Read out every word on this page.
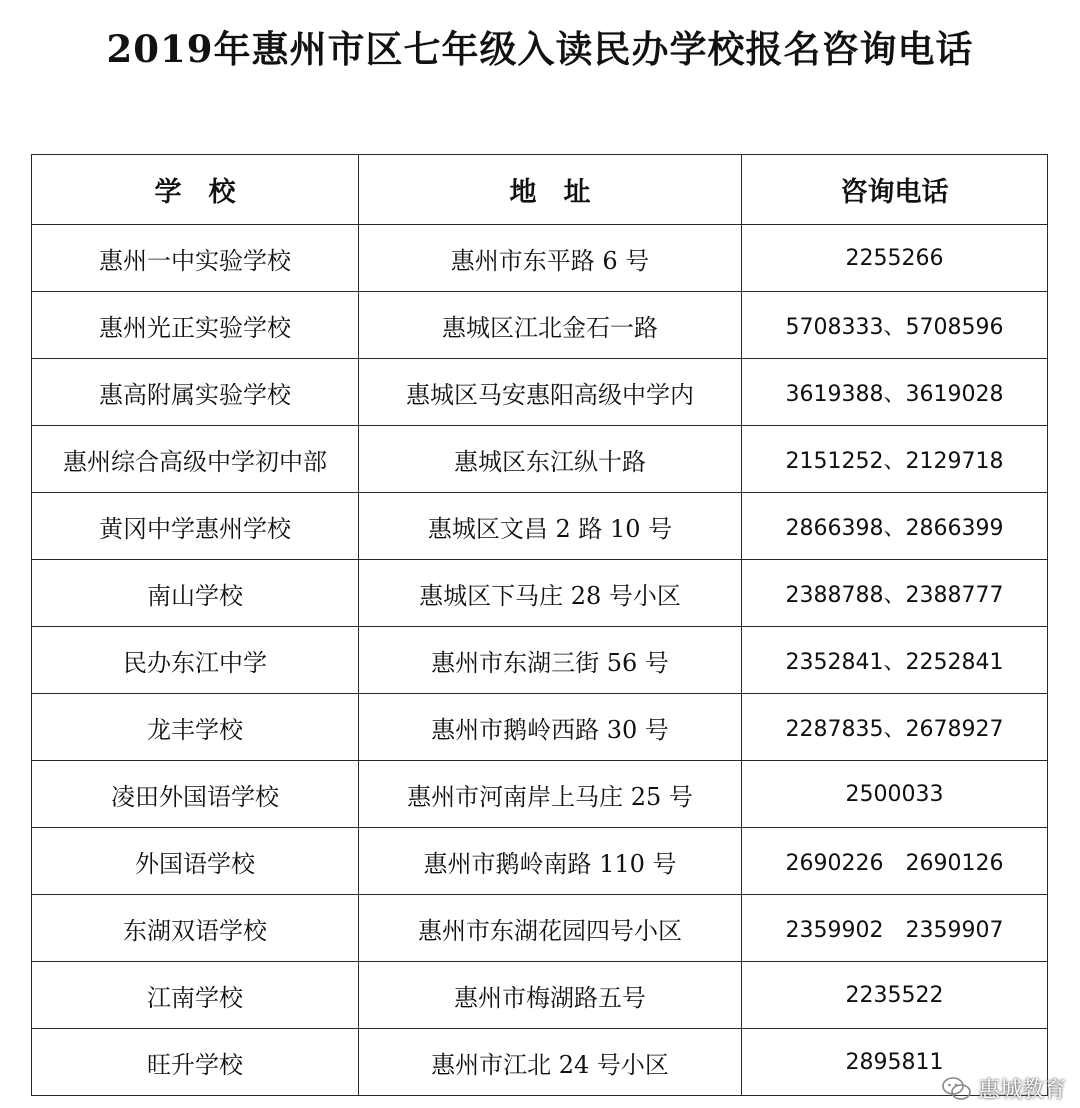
2019年惠州市区七年级入读民办学校报名咨询电话
学　校	地　址	咨询电话
惠州一中实验学校	惠州市东平路 6 号	2255266
惠州光正实验学校	惠城区江北金石一路	5708333、5708596
惠高附属实验学校	惠城区马安惠阳高级中学内	3619388、3619028
惠州综合高级中学初中部	惠城区东江纵十路	2151252、2129718
黄冈中学惠州学校	惠城区文昌 2 路 10 号	2866398、2866399
南山学校	惠城区下马庄 28 号小区	2388788、2388777
民办东江中学	惠州市东湖三街 56 号	2352841、2252841
龙丰学校	惠州市鹅岭西路 30 号	2287835、2678927
凌田外国语学校	惠州市河南岸上马庄 25 号	2500033
外国语学校	惠州市鹅岭南路 110 号	2690226　2690126
东湖双语学校	惠州市东湖花园四号小区	2359902　2359907
江南学校	惠州市梅湖路五号	2235522
旺升学校	惠州市江北 24 号小区	2895811
惠城教育
